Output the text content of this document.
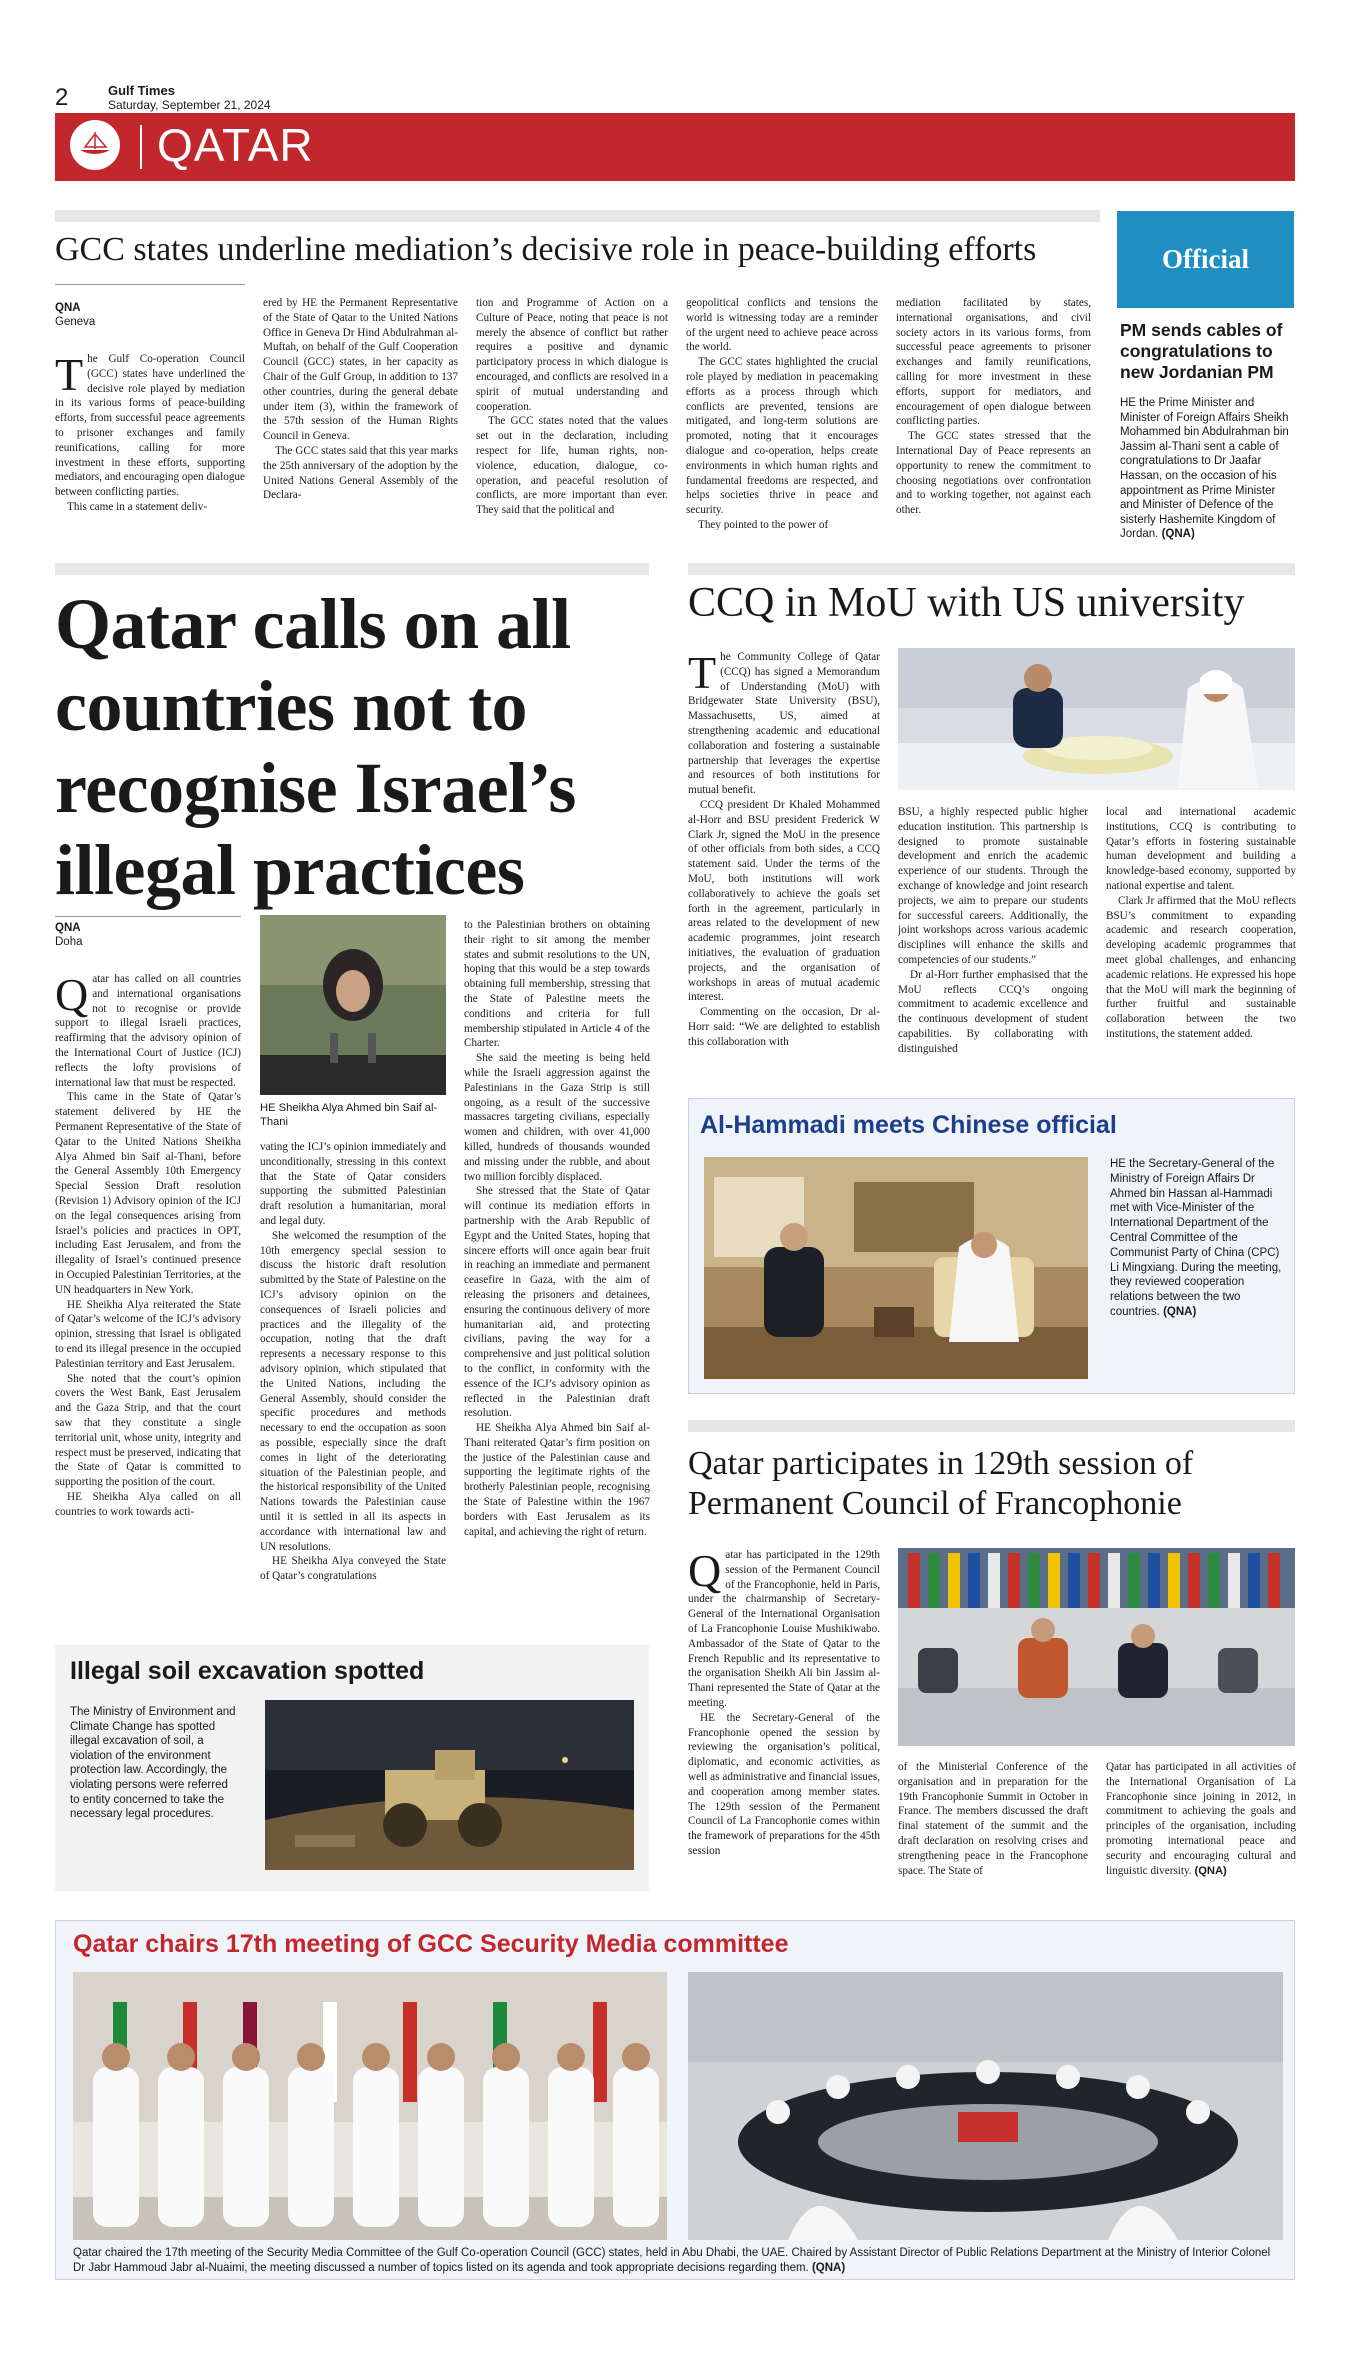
2	Gulf Times
Saturday, September 21, 2024
QATAR
GCC states underline mediation’s decisive role in peace-building efforts
QNA
Geneva

The Gulf Co-operation Council (GCC) states have underlined the decisive role played by mediation in its various forms of peace-building efforts, from successful peace agreements to prisoner exchanges and family reunifications, calling for more investment in these efforts, supporting mediators, and encouraging open dialogue between conflicting parties.

This came in a statement deliv-

ered by HE the Permanent Representative of the State of Qatar to the United Nations Office in Geneva Dr Hind Abdulrahman al-Muftah, on behalf of the Gulf Cooperation Council (GCC) states, in her capacity as Chair of the Gulf Group, in addition to 137 other countries, during the general debate under item (3), within the framework of the 57th session of the Human Rights Council in Geneva.

The GCC states said that this year marks the 25th anniversary of the adoption by the United Nations General Assembly of the Declara-

tion and Programme of Action on a Culture of Peace, noting that peace is not merely the absence of conflict but rather requires a positive and dynamic participatory process in which dialogue is encouraged, and conflicts are resolved in a spirit of mutual understanding and cooperation.

The GCC states noted that the values set out in the declaration, including respect for life, human rights, non-violence, education, dialogue, co-operation, and peaceful resolution of conflicts, are more important than ever. They said that the political and

geopolitical conflicts and tensions the world is witnessing today are a reminder of the urgent need to achieve peace across the world.

The GCC states highlighted the crucial role played by mediation in peacemaking efforts as a process through which conflicts are prevented, tensions are mitigated, and long-term solutions are promoted, noting that it encourages dialogue and co-operation, helps create environments in which human rights and fundamental freedoms are respected, and helps societies thrive in peace and security.

They pointed to the power of

mediation facilitated by states, international organisations, and civil society actors in its various forms, from successful peace agreements to prisoner exchanges and family reunifications, calling for more investment in these efforts, support for mediators, and encouragement of open dialogue between conflicting parties.

The GCC states stressed that the International Day of Peace represents an opportunity to renew the commitment to choosing negotiations over confrontation and to working together, not against each other.

Official
PM sends cables of congratulations to new Jordanian PM
HE the Prime Minister and Minister of Foreign Affairs Sheikh Mohammed bin Abdulrahman bin Jassim al-Thani sent a cable of congratulations to Dr Jaafar Hassan, on the occasion of his appointment as Prime Minister and Minister of Defence of the sisterly Hashemite Kingdom of Jordan. (QNA)
Qatar calls on all countries not to recognise Israel’s illegal practices
QNA
Doha

Qatar has called on all countries and international organisations not to recognise or provide support to illegal Israeli practices, reaffirming that the advisory opinion of the International Court of Justice (ICJ) reflects the lofty provisions of international law that must be respected.

This came in the State of Qatar’s statement delivered by HE the Permanent Representative of the State of Qatar to the United Nations Sheikha Alya Ahmed bin Saif al-Thani, before the General Assembly 10th Emergency Special Session Draft resolution (Revision 1) Advisory opinion of the ICJ on the legal consequences arising from Israel’s policies and practices in OPT, including East Jerusalem, and from the illegality of Israel’s continued presence in Occupied Palestinian Territories, at the UN headquarters in New York.

HE Sheikha Alya reiterated the State of Qatar’s welcome of the ICJ’s advisory opinion, stressing that Israel is obligated to end its illegal presence in the occupied Palestinian territory and East Jerusalem.

She noted that the court’s opinion covers the West Bank, East Jerusalem and the Gaza Strip, and that the court saw that they constitute a single territorial unit, whose unity, integrity and respect must be preserved, indicating that the State of Qatar is committed to supporting the position of the court.

HE Sheikha Alya called on all countries to work towards acti-

HE Sheikha Alya Ahmed bin Saif al-Thani

vating the ICJ’s opinion immediately and unconditionally, stressing in this context that the State of Qatar considers supporting the submitted Palestinian draft resolution a humanitarian, moral and legal duty.

She welcomed the resumption of the 10th emergency special session to discuss the historic draft resolution submitted by the State of Palestine on the ICJ’s advisory opinion on the consequences of Israeli policies and practices and the illegality of the occupation, noting that the draft represents a necessary response to this advisory opinion, which stipulated that the United Nations, including the General Assembly, should consider the specific procedures and methods necessary to end the occupation as soon as possible, especially since the draft comes in light of the deteriorating situation of the Palestinian people, and the historical responsibility of the United Nations towards the Palestinian cause until it is settled in all its aspects in accordance with international law and UN resolutions.

HE Sheikha Alya conveyed the State of Qatar’s congratulations

to the Palestinian brothers on obtaining their right to sit among the member states and submit resolutions to the UN, hoping that this would be a step towards obtaining full membership, stressing that the State of Palestine meets the conditions and criteria for full membership stipulated in Article 4 of the Charter.

She said the meeting is being held while the Israeli aggression against the Palestinians in the Gaza Strip is still ongoing, as a result of the successive massacres targeting civilians, especially women and children, with over 41,000 killed, hundreds of thousands wounded and missing under the rubble, and about two million forcibly displaced.

She stressed that the State of Qatar will continue its mediation efforts in partnership with the Arab Republic of Egypt and the United States, hoping that sincere efforts will once again bear fruit in reaching an immediate and permanent ceasefire in Gaza, with the aim of releasing the prisoners and detainees, ensuring the continuous delivery of more humanitarian aid, and protecting civilians, paving the way for a comprehensive and just political solution to the conflict, in conformity with the essence of the ICJ’s advisory opinion as reflected in the Palestinian draft resolution.

HE Sheikha Alya Ahmed bin Saif al-Thani reiterated Qatar’s firm position on the justice of the Palestinian cause and supporting the legitimate rights of the brotherly Palestinian people, recognising the State of Palestine within the 1967 borders with East Jerusalem as its capital, and achieving the right of return.

CCQ in MoU with US university

The Community College of Qatar (CCQ) has signed a Memorandum of Understanding (MoU) with Bridgewater State University (BSU), Massachusetts, US, aimed at strengthening academic and educational collaboration and fostering a sustainable partnership that leverages the expertise and resources of both institutions for mutual benefit.

CCQ president Dr Khaled Mohammed al-Horr and BSU president Frederick W Clark Jr, signed the MoU in the presence of other officials from both sides, a CCQ statement said. Under the terms of the MoU, both institutions will work collaboratively to achieve the goals set forth in the agreement, particularly in areas related to the development of new academic programmes, joint research initiatives, the evaluation of graduation projects, and the organisation of workshops in areas of mutual academic interest.

Commenting on the occasion, Dr al-Horr said: “We are delighted to establish this collaboration with

BSU, a highly respected public higher education institution. This partnership is designed to promote sustainable development and enrich the academic experience of our students. Through the exchange of knowledge and joint research projects, we aim to prepare our students for successful careers. Additionally, the joint workshops across various academic disciplines will enhance the skills and competencies of our students.”

Dr al-Horr further emphasised that the MoU reflects CCQ’s ongoing commitment to academic excellence and the continuous development of student capabilities. By collaborating with distinguished

local and international academic institutions, CCQ is contributing to Qatar’s efforts in fostering sustainable human development and building a knowledge-based economy, supported by national expertise and talent.

Clark Jr affirmed that the MoU reflects BSU’s commitment to expanding academic and research cooperation, developing academic programmes that meet global challenges, and enhancing academic relations. He expressed his hope that the MoU will mark the beginning of further fruitful and sustainable collaboration between the two institutions, the statement added.

Al-Hammadi meets Chinese official
HE the Secretary-General of the Ministry of Foreign Affairs Dr Ahmed bin Hassan al-Hammadi met with Vice-Minister of the International Department of the Central Committee of the Communist Party of China (CPC) Li Mingxiang. During the meeting, they reviewed cooperation relations between the two countries. (QNA)
Qatar participates in 129th session of Permanent Council of Francophonie

Qatar has participated in the 129th session of the Permanent Council of the Francophonie, held in Paris, under the chairmanship of Secretary-General of the International Organisation of La Francophonie Louise Mushikiwabo. Ambassador of the State of Qatar to the French Republic and its representative to the organisation Sheikh Ali bin Jassim al-Thani represented the State of Qatar at the meeting.

HE the Secretary-General of the Francophonie opened the session by reviewing the organisation’s political, diplomatic, and economic activities, as well as administrative and financial issues, and cooperation among member states. The 129th session of the Permanent Council of La Francophonie comes within the framework of preparations for the 45th session

of the Ministerial Conference of the organisation and in preparation for the 19th Francophonie Summit in October in France. The members discussed the draft final statement of the summit and the draft declaration on resolving crises and strengthening peace in the Francophone space. The State of

Qatar has participated in all activities of the International Organisation of La Francophonie since joining in 2012, in commitment to achieving the goals and principles of the organisation, including promoting international peace and security and encouraging cultural and linguistic diversity. (QNA)

Illegal soil excavation spotted
The Ministry of Environment and Climate Change has spotted illegal excavation of soil, a violation of the environment protection law. Accordingly, the violating persons were referred to entity concerned to take the necessary legal procedures.
Qatar chairs 17th meeting of GCC Security Media committee
Qatar chaired the 17th meeting of the Security Media Committee of the Gulf Co-operation Council (GCC) states, held in Abu Dhabi, the UAE. Chaired by Assistant Director of Public Relations Department at the Ministry of Interior Colonel Dr Jabr Hammoud Jabr al-Nuaimi, the meeting discussed a number of topics listed on its agenda and took appropriate decisions regarding them. (QNA)
